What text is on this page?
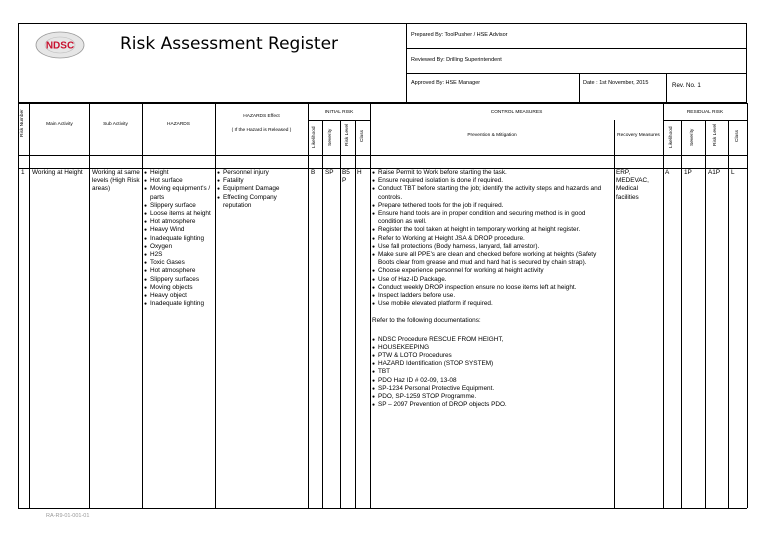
NDSC	Risk Assessment Register	Prepared By: ToolPusher / HSE Advisor
Reviewed By: Drilling Superintendent
Approved By: HSE Manager	Date : 1st November, 2015	Rev. No. 1
Risk Number	Main Activity	Sub Activity	HAZARDS
HAZARDS Effect
( If the Hazard is Released )
INITIAL RISK	CONTROL MEASURES	RESIDUAL RISK
Prevention & Mitigation	Recovery Measures
Likelihood Severity	Risk Level Class	Likelihood	Severity	Risk Level	Class
1 Working at Height	Working at same levels (High Risk areas)
● Height
● Hot surface
● Moving equipment's / parts
● Slippery surface
● Loose items at height
● Hot atmosphere
● Heavy Wind
● Inadequate lighting
● Oxygen
● H2S
● Toxic Gases
● Hot atmosphere
● Slippery surfaces
● Moving objects
● Heavy object
● Inadequate lighting
● Personnel injury
● Fatality
● Equipment Damage
● Effecting Company reputation
B SP B5 P
H
●	Raise Permit to Work before starting the task.
● Ensure required isolation is done if required.
● Conduct TBT before starting the job; identify the activity steps and hazards and controls.
● Prepare tethered tools for the job if required.
● Ensure hand tools are in proper condition and securing method is in good condition as well.
● Register the tool taken at height in temporary working at height register.
● Refer to Working at Height JSA & DROP procedure.
● Use fall protections (Body harness, lanyard, fall arrestor).
● Make sure all PPE's are clean and checked before working at heights (Safety Boots clear from grease and mud and hard hat is secured by chain strap).
● Choose experience personnel for working at height activity
● Use of Haz-ID Package.
● Conduct weekly DROP inspection ensure no loose items left at height.
● Inspect ladders before use.
● Use mobile elevated platform if required.
Refer to the following documentations:
● NDSC Procedure RESCUE FROM HEIGHT,
● HOUSEKEEPING
● PTW & LOTO Procedures
● HAZARD Identification (STOP SYSTEM)
● TBT
● PDO Haz ID # 02-09, 13-08
● SP-1234 Personal Protective Equipment.
● PDO, SP-1259 STOP Programme.
● SP – 2097 Prevention of DROP objects PDO.
ERP, MEDEVAC, Medical facilities
A 1P	A1P L
RA-R9-01-001-01
